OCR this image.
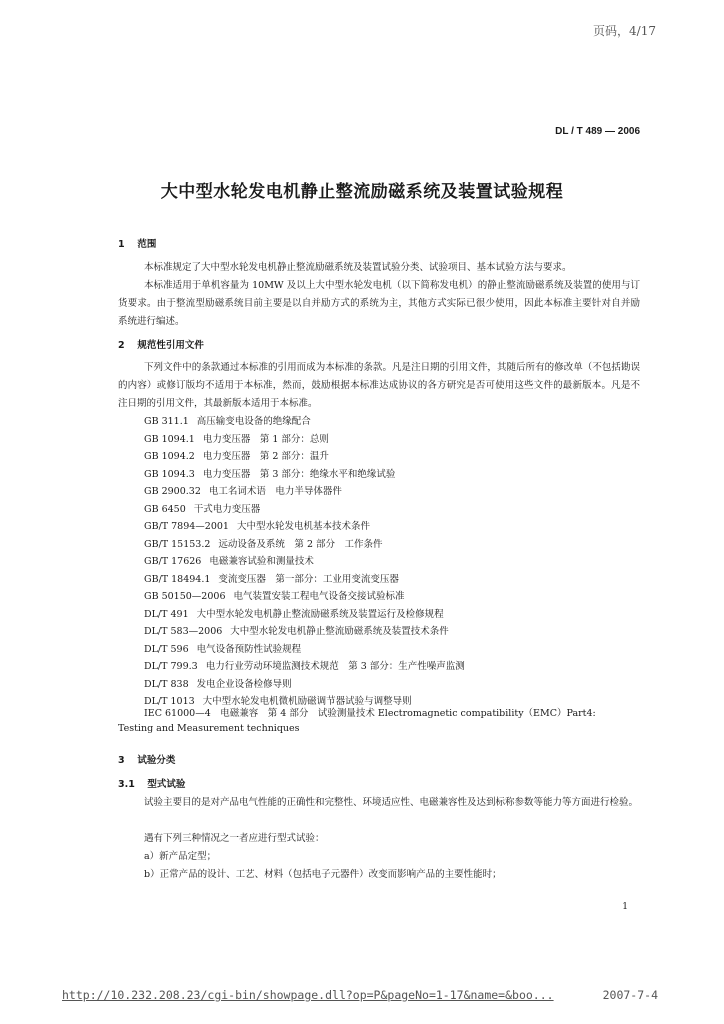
页码，4/17
DL / T 489 — 2006
大中型水轮发电机静止整流励磁系统及装置试验规程
1 范围
本标准规定了大中型水轮发电机静止整流励磁系统及装置试验分类、试验项目、基本试验方法与要求。
本标准适用于单机容量为 10MW 及以上大中型水轮发电机（以下简称发电机）的静止整流励磁系统及装置的使用与订货要求。由于整流型励磁系统目前主要是以自并励方式的系统为主，其他方式实际已很少使用，因此本标准主要针对自并励系统进行编述。
2 规范性引用文件
下列文件中的条款通过本标准的引用而成为本标准的条款。凡是注日期的引用文件，其随后所有的修改单（不包括勘误的内容）或修订版均不适用于本标准，然而，鼓励根据本标准达成协议的各方研究是否可使用这些文件的最新版本。凡是不注日期的引用文件，其最新版本适用于本标准。
GB 311.1 高压输变电设备的绝缘配合
GB 1094.1 电力变压器　第 1 部分：总则
GB 1094.2 电力变压器　第 2 部分：温升
GB 1094.3 电力变压器　第 3 部分：绝缘水平和绝缘试验
GB 2900.32 电工名词术语　电力半导体器件
GB 6450 干式电力变压器
GB/T 7894—2001 大中型水轮发电机基本技术条件
GB/T 15153.2 远动设备及系统　第 2 部分　工作条件
GB/T 17626 电磁兼容试验和测量技术
GB/T 18494.1 变流变压器　第一部分：工业用变流变压器
GB 50150—2006 电气装置安装工程电气设备交接试验标准
DL/T 491 大中型水轮发电机静止整流励磁系统及装置运行及检修规程
DL/T 583—2006 大中型水轮发电机静止整流励磁系统及装置技术条件
DL/T 596 电气设备预防性试验规程
DL/T 799.3 电力行业劳动环境监测技术规范　第 3 部分：生产性噪声监测
DL/T 838 发电企业设备检修导则
DL/T 1013 大中型水轮发电机微机励磁调节器试验与调整导则
IEC 61000—4　电磁兼容　第 4 部分　试验测量技术 Electromagnetic compatibility（EMC）Part4:
Testing and Measurement techniques
3 试验分类
3.1 型式试验
试验主要目的是对产品电气性能的正确性和完整性、环境适应性、电磁兼容性及达到标称参数等能力等方面进行检验。
遇有下列三种情况之一者应进行型式试验：
a）新产品定型；
b）正常产品的设计、工艺、材料（包括电子元器件）改变而影响产品的主要性能时；
1
http://10.232.208.23/cgi-bin/showpage.dll?op=P&pageNo=1-17&name=&boo...	2007-7-4
